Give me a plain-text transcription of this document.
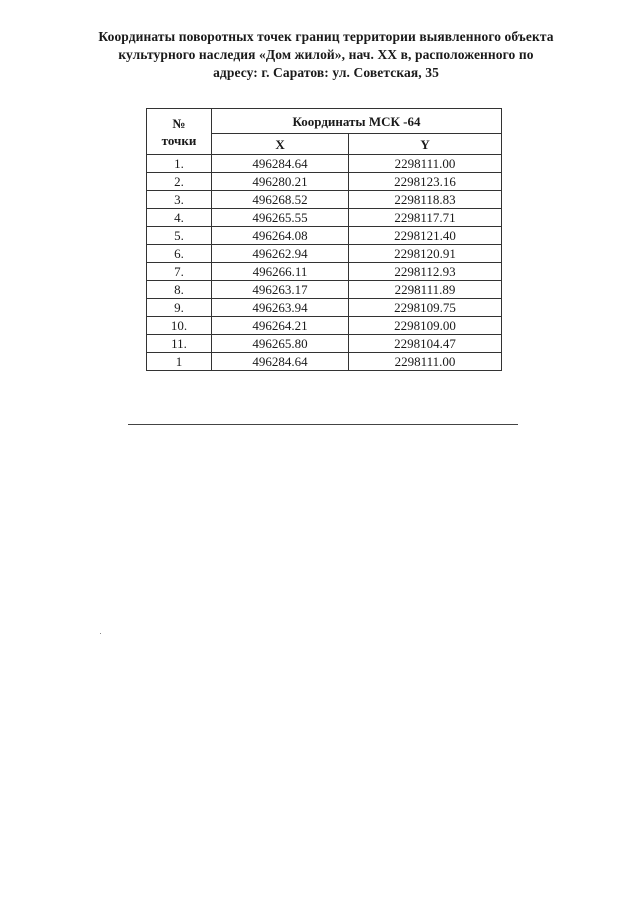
Координаты поворотных точек границ территории выявленного объекта
культурного наследия «Дом жилой», нач. XX в, расположенного по
адресу: г. Саратов: ул. Советская, 35
№ точки	Координаты МСК -64	
	X	Y
1.	496284.64	2298111.00
2.	496280.21	2298123.16
3.	496268.52	2298118.83
4.	496265.55	2298117.71
5.	496264.08	2298121.40
6.	496262.94	2298120.91
7.	496266.11	2298112.93
8.	496263.17	2298111.89
9.	496263.94	2298109.75
10.	496264.21	2298109.00
11.	496265.80	2298104.47
1	496284.64	2298111.00
